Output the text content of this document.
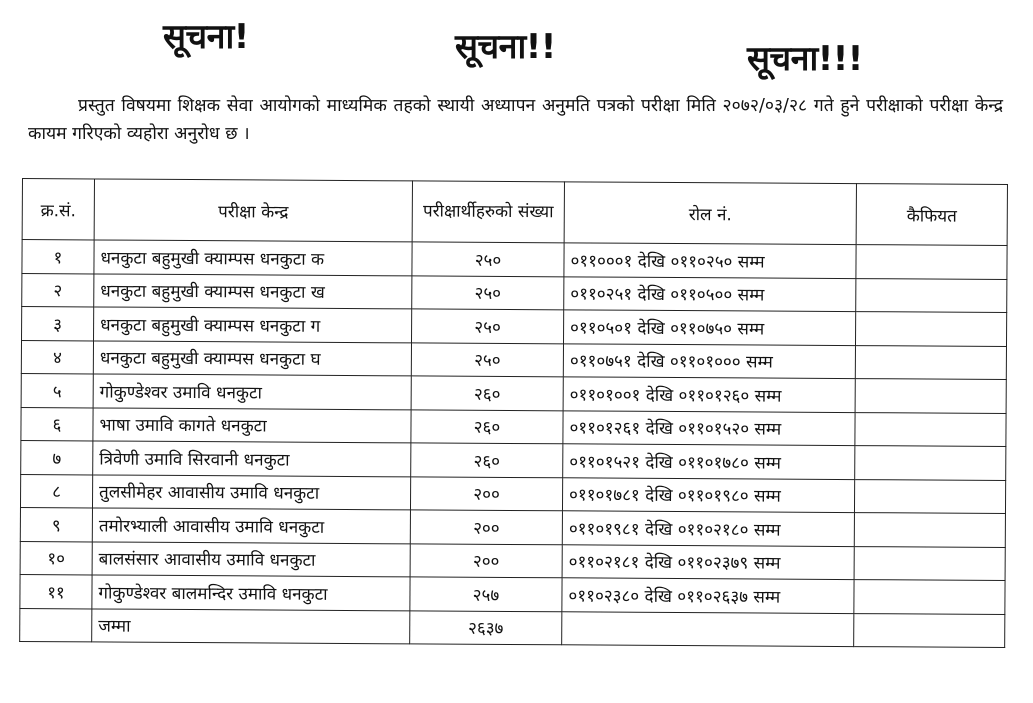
सूचना!	सूचना!!	सूचना!!!
प्रस्तुत विषयमा शिक्षक सेवा आयोगको माध्यमिक तहको स्थायी अध्यापन अनुमति पत्रको परीक्षा मिति २०७२/०३/२८ गते हुने परीक्षाको परीक्षा केन्द्र कायम गरिएको व्यहोरा अनुरोध छ ।
क्र.सं.	परीक्षा केन्द्र	परीक्षार्थीहरुको संख्या	रोल नं.	कैफियत
१	धनकुटा बहुमुखी क्याम्पस धनकुटा क	२५०	०११०००१ देखि ०११०२५० सम्म	
२	धनकुटा बहुमुखी क्याम्पस धनकुटा ख	२५०	०११०२५१ देखि ०११०५०० सम्म	
३	धनकुटा बहुमुखी क्याम्पस धनकुटा ग	२५०	०११०५०१ देखि ०११०७५० सम्म	
४	धनकुटा बहुमुखी क्याम्पस धनकुटा घ	२५०	०११०७५१ देखि ०११०१००० सम्म	
५	गोकुण्डेश्वर उमावि धनकुटा	२६०	०११०१००१ देखि ०११०१२६० सम्म	
६	भाषा उमावि कागते धनकुटा	२६०	०११०१२६१ देखि ०११०१५२० सम्म	
७	त्रिवेणी उमावि सिरवानी धनकुटा	२६०	०११०१५२१ देखि ०११०१७८० सम्म	
८	तुलसीमेहर आवासीय उमावि धनकुटा	२००	०११०१७८१ देखि ०११०१९८० सम्म	
९	तमोरभ्याली आवासीय उमावि धनकुटा	२००	०११०१९८१ देखि ०११०२१८० सम्म	
१०	बालसंसार आवासीय उमावि धनकुटा	२००	०११०२१८१ देखि ०११०२३७९ सम्म	
११	गोकुण्डेश्वर बालमन्दिर उमावि धनकुटा	२५७	०११०२३८० देखि ०११०२६३७ सम्म	
	जम्मा	२६३७		
